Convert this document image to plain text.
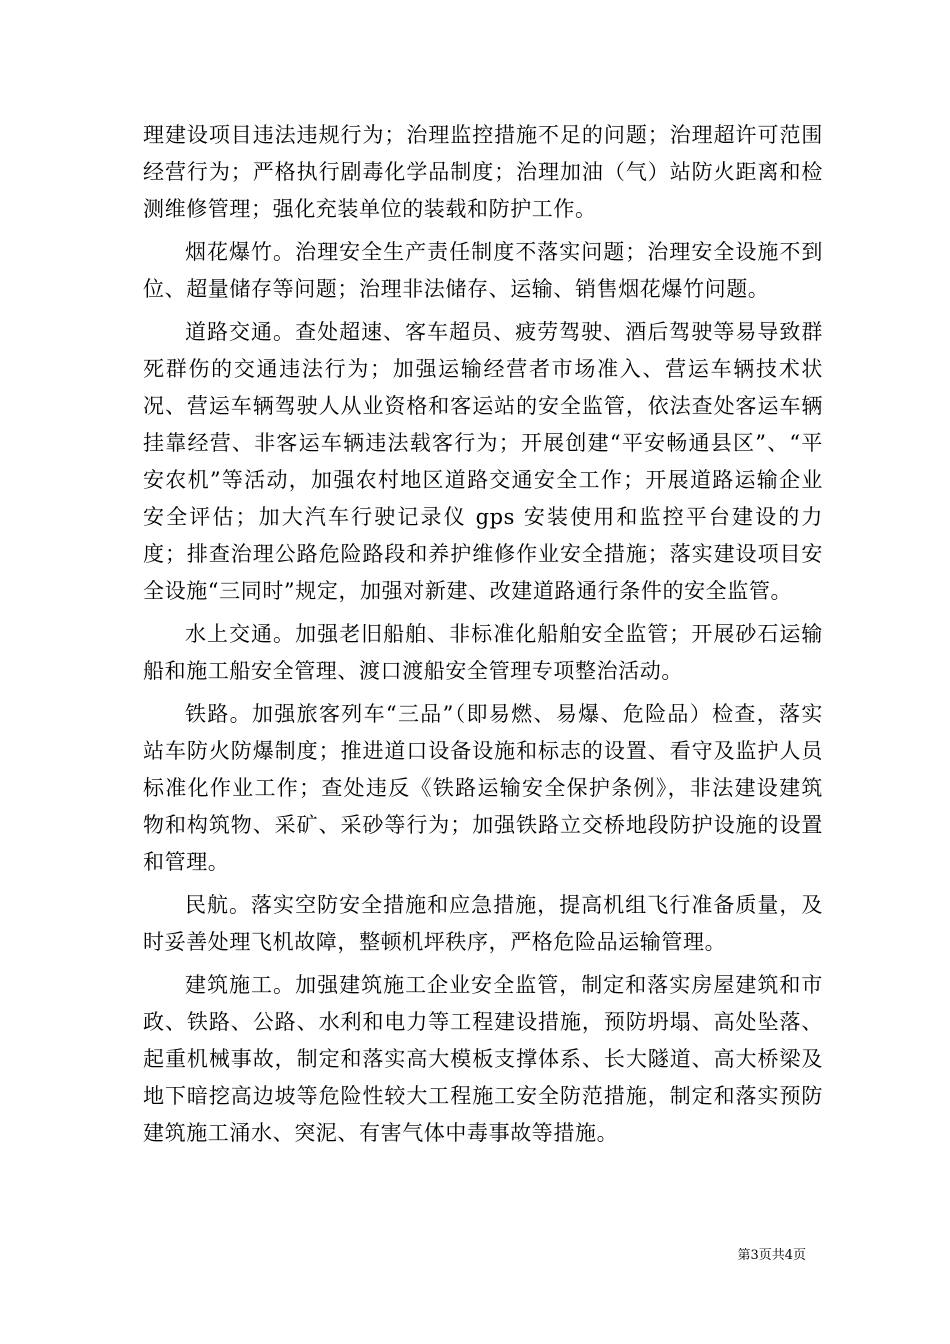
理建设项目违法违规行为；治理监控措施不足的问题；治理超许可范围经营行为；严格执行剧毒化学品制度；治理加油（气）站防火距离和检测维修管理；强化充装单位的装载和防护工作。

烟花爆竹。治理安全生产责任制度不落实问题；治理安全设施不到位、超量储存等问题；治理非法储存、运输、销售烟花爆竹问题。

道路交通。查处超速、客车超员、疲劳驾驶、酒后驾驶等易导致群死群伤的交通违法行为；加强运输经营者市场准入、营运车辆技术状况、营运车辆驾驶人从业资格和客运站的安全监管，依法查处客运车辆挂靠经营、非客运车辆违法载客行为；开展创建“平安畅通县区”、“平安农机”等活动，加强农村地区道路交通安全工作；开展道路运输企业安全评估；加大汽车行驶记录仪 gps 安装使用和监控平台建设的力度；排查治理公路危险路段和养护维修作业安全措施；落实建设项目安全设施“三同时”规定，加强对新建、改建道路通行条件的安全监管。

水上交通。加强老旧船舶、非标准化船舶安全监管；开展砂石运输船和施工船安全管理、渡口渡船安全管理专项整治活动。

铁路。加强旅客列车“三品”（即易燃、易爆、危险品）检查，落实站车防火防爆制度；推进道口设备设施和标志的设置、看守及监护人员标准化作业工作；查处违反《铁路运输安全保护条例》，非法建设建筑物和构筑物、采矿、采砂等行为；加强铁路立交桥地段防护设施的设置和管理。

民航。落实空防安全措施和应急措施，提高机组飞行准备质量，及时妥善处理飞机故障，整顿机坪秩序，严格危险品运输管理。

建筑施工。加强建筑施工企业安全监管，制定和落实房屋建筑和市政、铁路、公路、水利和电力等工程建设措施，预防坍塌、高处坠落、起重机械事故，制定和落实高大模板支撑体系、长大隧道、高大桥梁及地下暗挖高边坡等危险性较大工程施工安全防范措施，制定和落实预防建筑施工涌水、突泥、有害气体中毒事故等措施。

第3页共4页
